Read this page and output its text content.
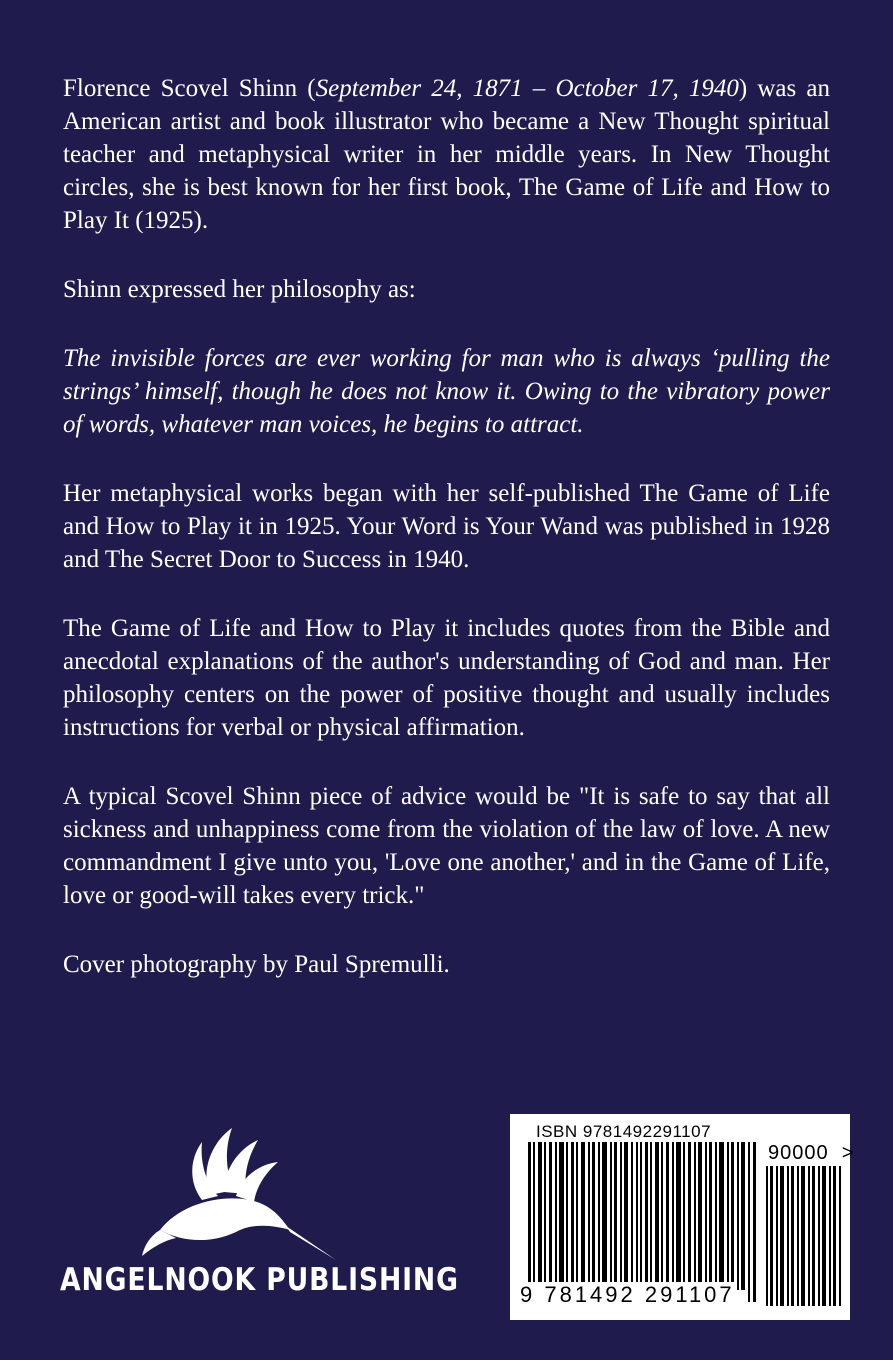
Florence Scovel Shinn (September 24, 1871 – October 17, 1940) was an American artist and book illustrator who became a New Thought spiritual teacher and metaphysical writer in her middle years. In New Thought circles, she is best known for her first book, The Game of Life and How to Play It (1925).

Shinn expressed her philosophy as:

The invisible forces are ever working for man who is always ‘pulling the strings’ himself, though he does not know it. Owing to the vibratory power of words, whatever man voices, he begins to attract.

Her metaphysical works began with her self-published The Game of Life and How to Play it in 1925. Your Word is Your Wand was published in 1928 and The Secret Door to Success in 1940.

The Game of Life and How to Play it includes quotes from the Bible and anecdotal explanations of the author's understanding of God and man. Her philosophy centers on the power of positive thought and usually includes instructions for verbal or physical affirmation.

A typical Scovel Shinn piece of advice would be "It is safe to say that all sickness and unhappiness come from the violation of the law of love. A new commandment I give unto you, 'Love one another,' and in the Game of Life, love or good-will takes every trick."

Cover photography by Paul Spremulli.

ANGELNOOK PUBLISHING
ISBN 9781492291107
90000 >
9 781492 291107
